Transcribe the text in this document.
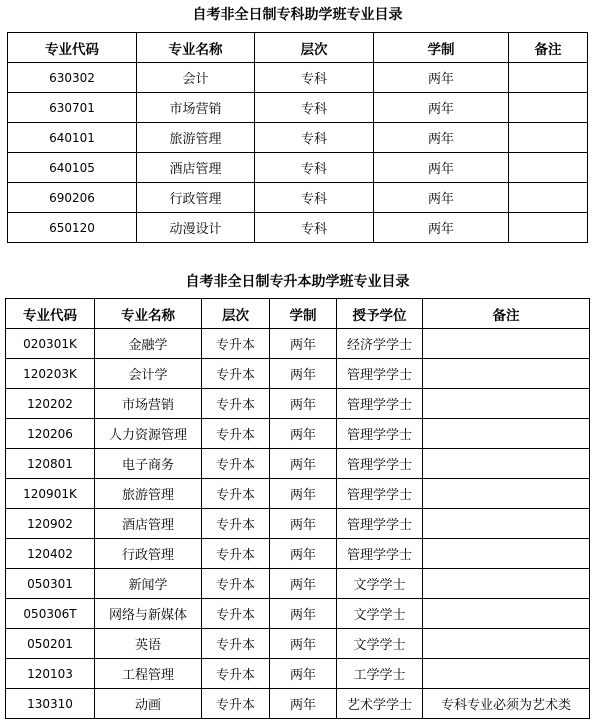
自考非全日制专科助学班专业目录
专业代码	专业名称	层次	学制	备注
630302	会计	专科	两年	
630701	市场营销	专科	两年	
640101	旅游管理	专科	两年	
640105	酒店管理	专科	两年	
690206	行政管理	专科	两年	
650120	动漫设计	专科	两年	
自考非全日制专升本助学班专业目录
专业代码	专业名称	层次	学制	授予学位	备注
020301K	金融学	专升本	两年	经济学学士	
120203K	会计学	专升本	两年	管理学学士	
120202	市场营销	专升本	两年	管理学学士	
120206	人力资源管理	专升本	两年	管理学学士	
120801	电子商务	专升本	两年	管理学学士	
120901K	旅游管理	专升本	两年	管理学学士	
120902	酒店管理	专升本	两年	管理学学士	
120402	行政管理	专升本	两年	管理学学士	
050301	新闻学	专升本	两年	文学学士	
050306T	网络与新媒体	专升本	两年	文学学士	
050201	英语	专升本	两年	文学学士	
120103	工程管理	专升本	两年	工学学士	
130310	动画	专升本	两年	艺术学学士	专科专业必须为艺术类
